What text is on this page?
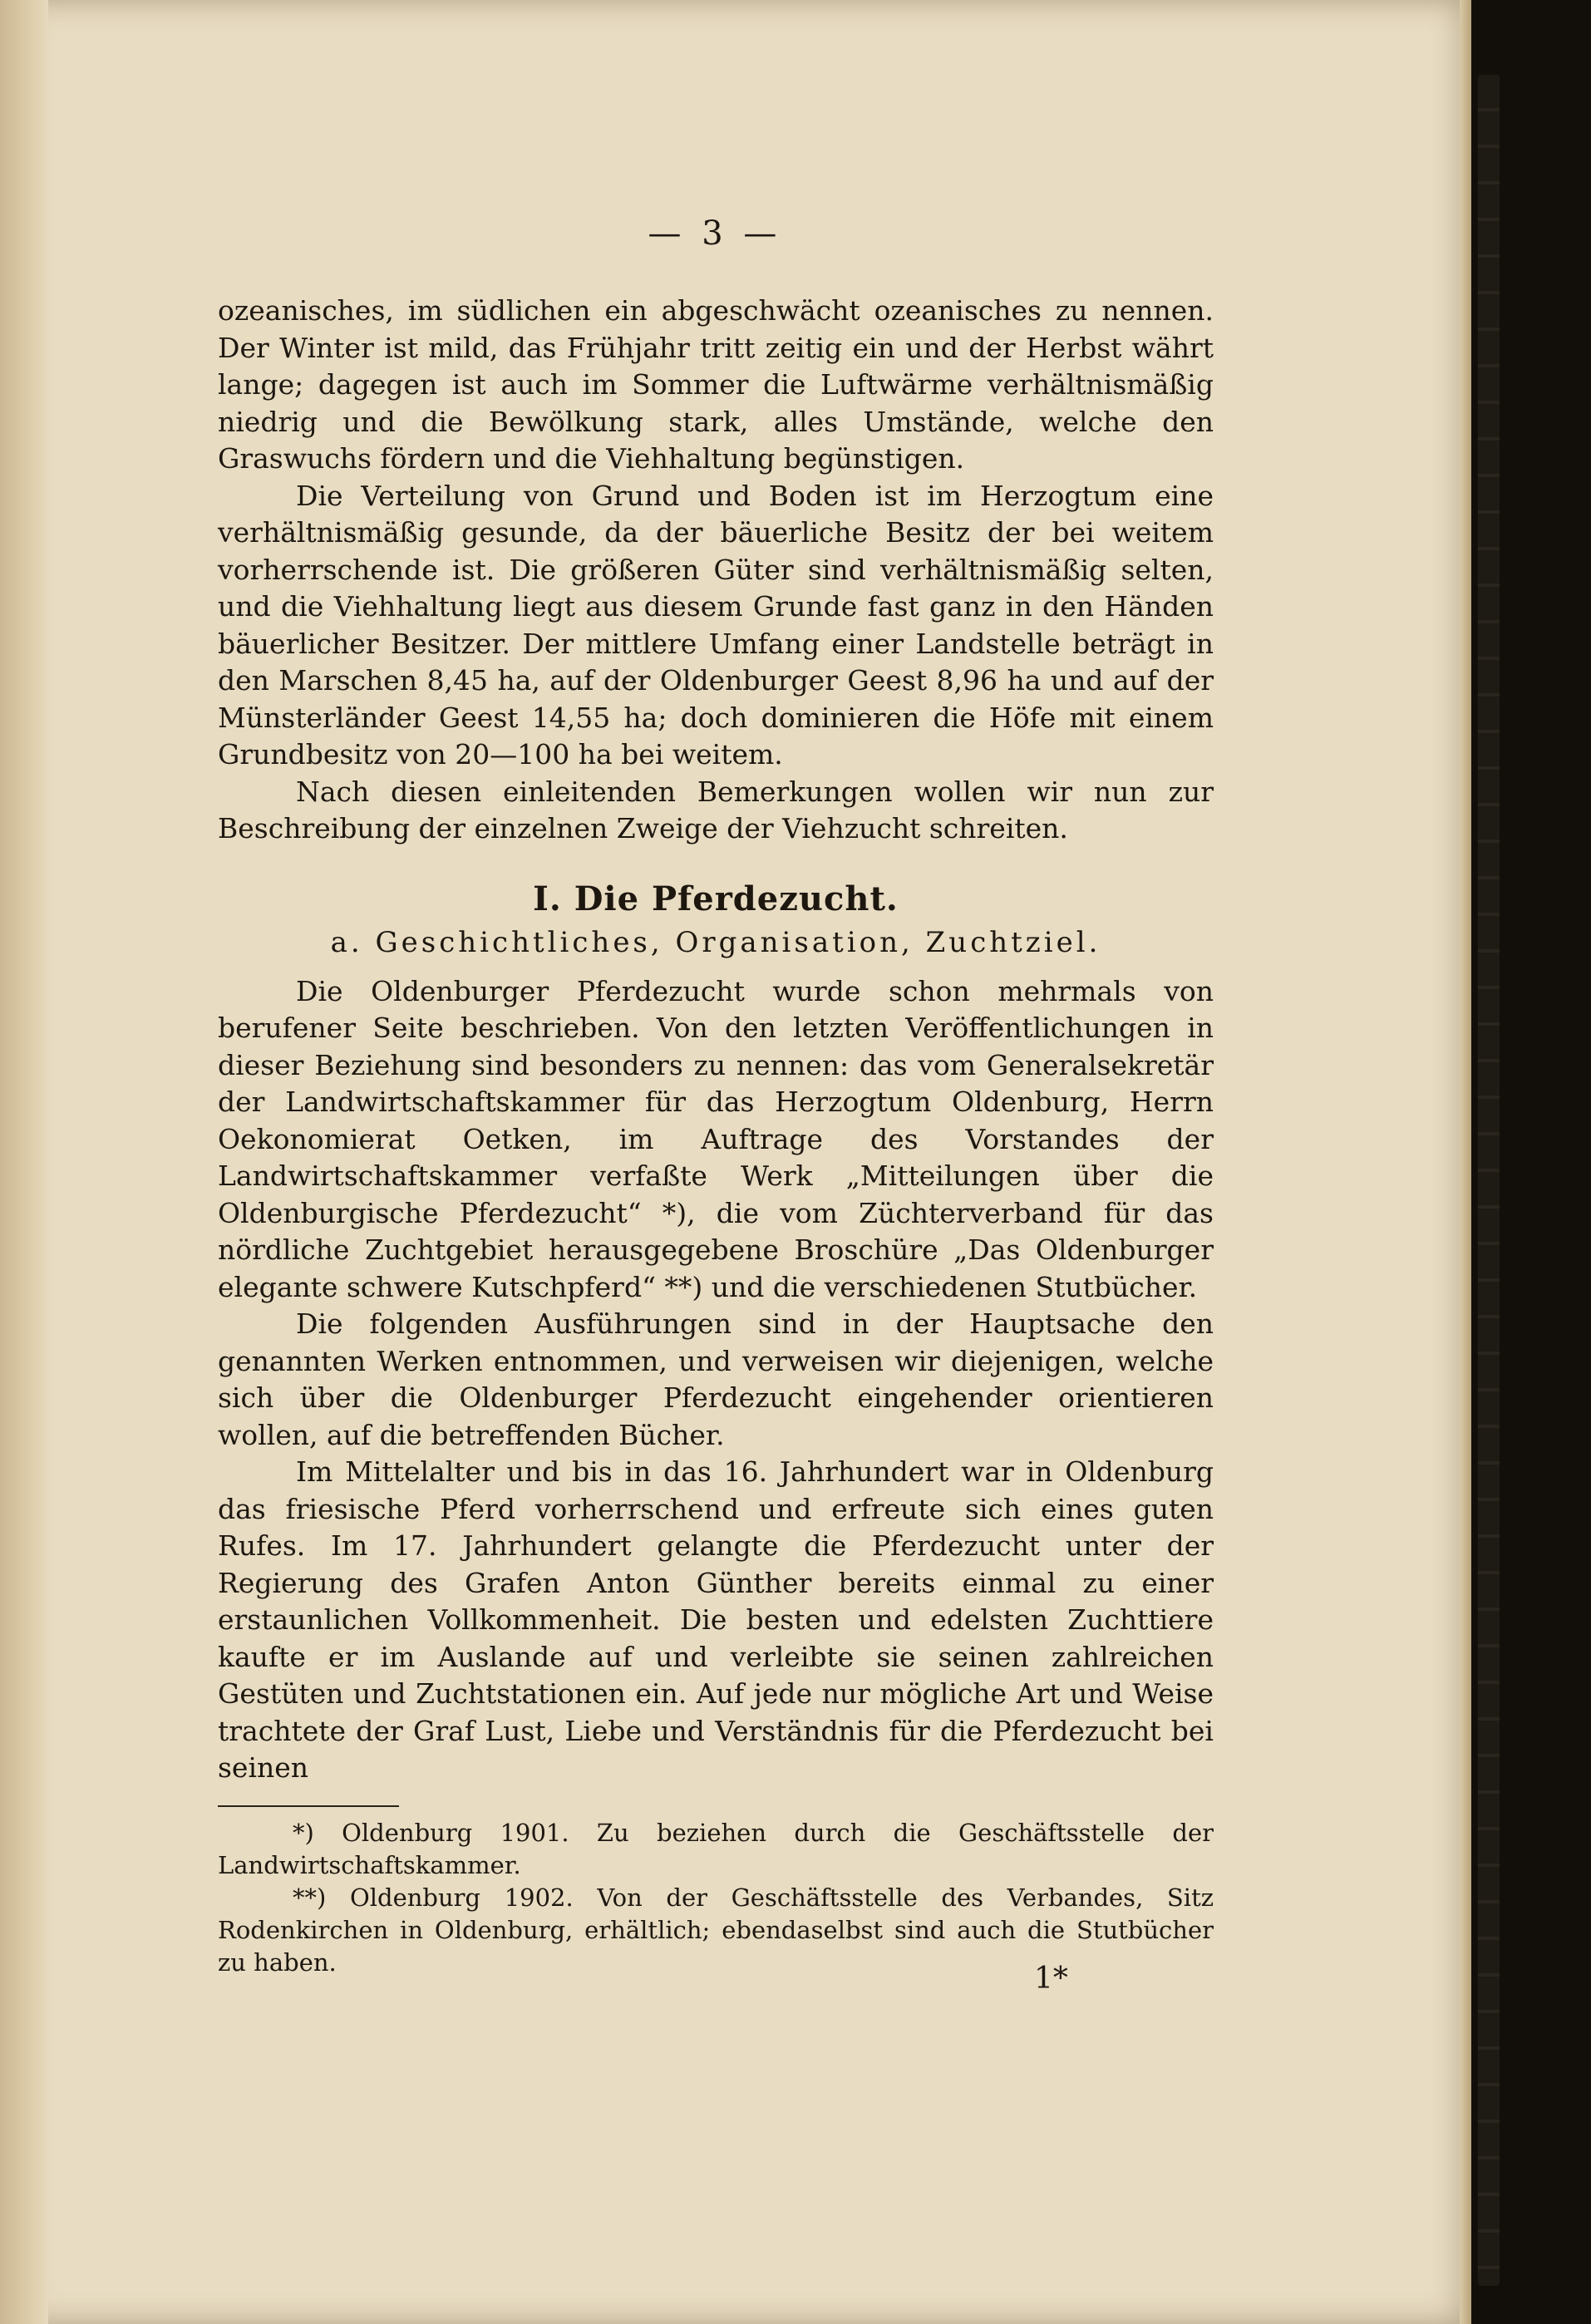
— 3 —

ozeanisches, im südlichen ein abgeschwächt ozeanisches zu nennen. Der Winter ist mild, das Frühjahr tritt zeitig ein und der Herbst währt lange; dagegen ist auch im Sommer die Luftwärme verhältnismäßig niedrig und die Bewölkung stark, alles Umstände, welche den Graswuchs fördern und die Viehhaltung begünstigen.

Die Verteilung von Grund und Boden ist im Herzogtum eine verhältnismäßig gesunde, da der bäuerliche Besitz der bei weitem vorherrschende ist. Die größeren Güter sind verhältnismäßig selten, und die Viehhaltung liegt aus diesem Grunde fast ganz in den Händen bäuerlicher Besitzer. Der mittlere Umfang einer Landstelle beträgt in den Marschen 8,45 ha, auf der Oldenburger Geest 8,96 ha und auf der Münsterländer Geest 14,55 ha; doch dominieren die Höfe mit einem Grundbesitz von 20—100 ha bei weitem.

Nach diesen einleitenden Bemerkungen wollen wir nun zur Beschreibung der einzelnen Zweige der Viehzucht schreiten.

I. Die Pferdezucht.
a. Geschichtliches, Organisation, Zuchtziel.

Die Oldenburger Pferdezucht wurde schon mehrmals von berufener Seite beschrieben. Von den letzten Veröffentlichungen in dieser Beziehung sind besonders zu nennen: das vom Generalsekretär der Landwirtschaftskammer für das Herzogtum Oldenburg, Herrn Oekonomierat Oetken, im Auftrage des Vorstandes der Landwirtschaftskammer verfaßte Werk „Mitteilungen über die Oldenburgische Pferdezucht“ *), die vom Züchterverband für das nördliche Zuchtgebiet herausgegebene Broschüre „Das Oldenburger elegante schwere Kutschpferd“ **) und die verschiedenen Stutbücher.

Die folgenden Ausführungen sind in der Hauptsache den genannten Werken entnommen, und verweisen wir diejenigen, welche sich über die Oldenburger Pferdezucht eingehender orientieren wollen, auf die betreffenden Bücher.

Im Mittelalter und bis in das 16. Jahrhundert war in Oldenburg das friesische Pferd vorherrschend und erfreute sich eines guten Rufes. Im 17. Jahrhundert gelangte die Pferdezucht unter der Regierung des Grafen Anton Günther bereits einmal zu einer erstaunlichen Vollkommenheit. Die besten und edelsten Zuchttiere kaufte er im Auslande auf und verleibte sie seinen zahlreichen Gestüten und Zuchtstationen ein. Auf jede nur mögliche Art und Weise trachtete der Graf Lust, Liebe und Verständnis für die Pferdezucht bei seinen

*) Oldenburg 1901. Zu beziehen durch die Geschäftsstelle der Landwirtschaftskammer.

**) Oldenburg 1902. Von der Geschäftsstelle des Verbandes, Sitz Rodenkirchen in Oldenburg, erhältlich; ebendaselbst sind auch die Stutbücher zu haben.	1*
